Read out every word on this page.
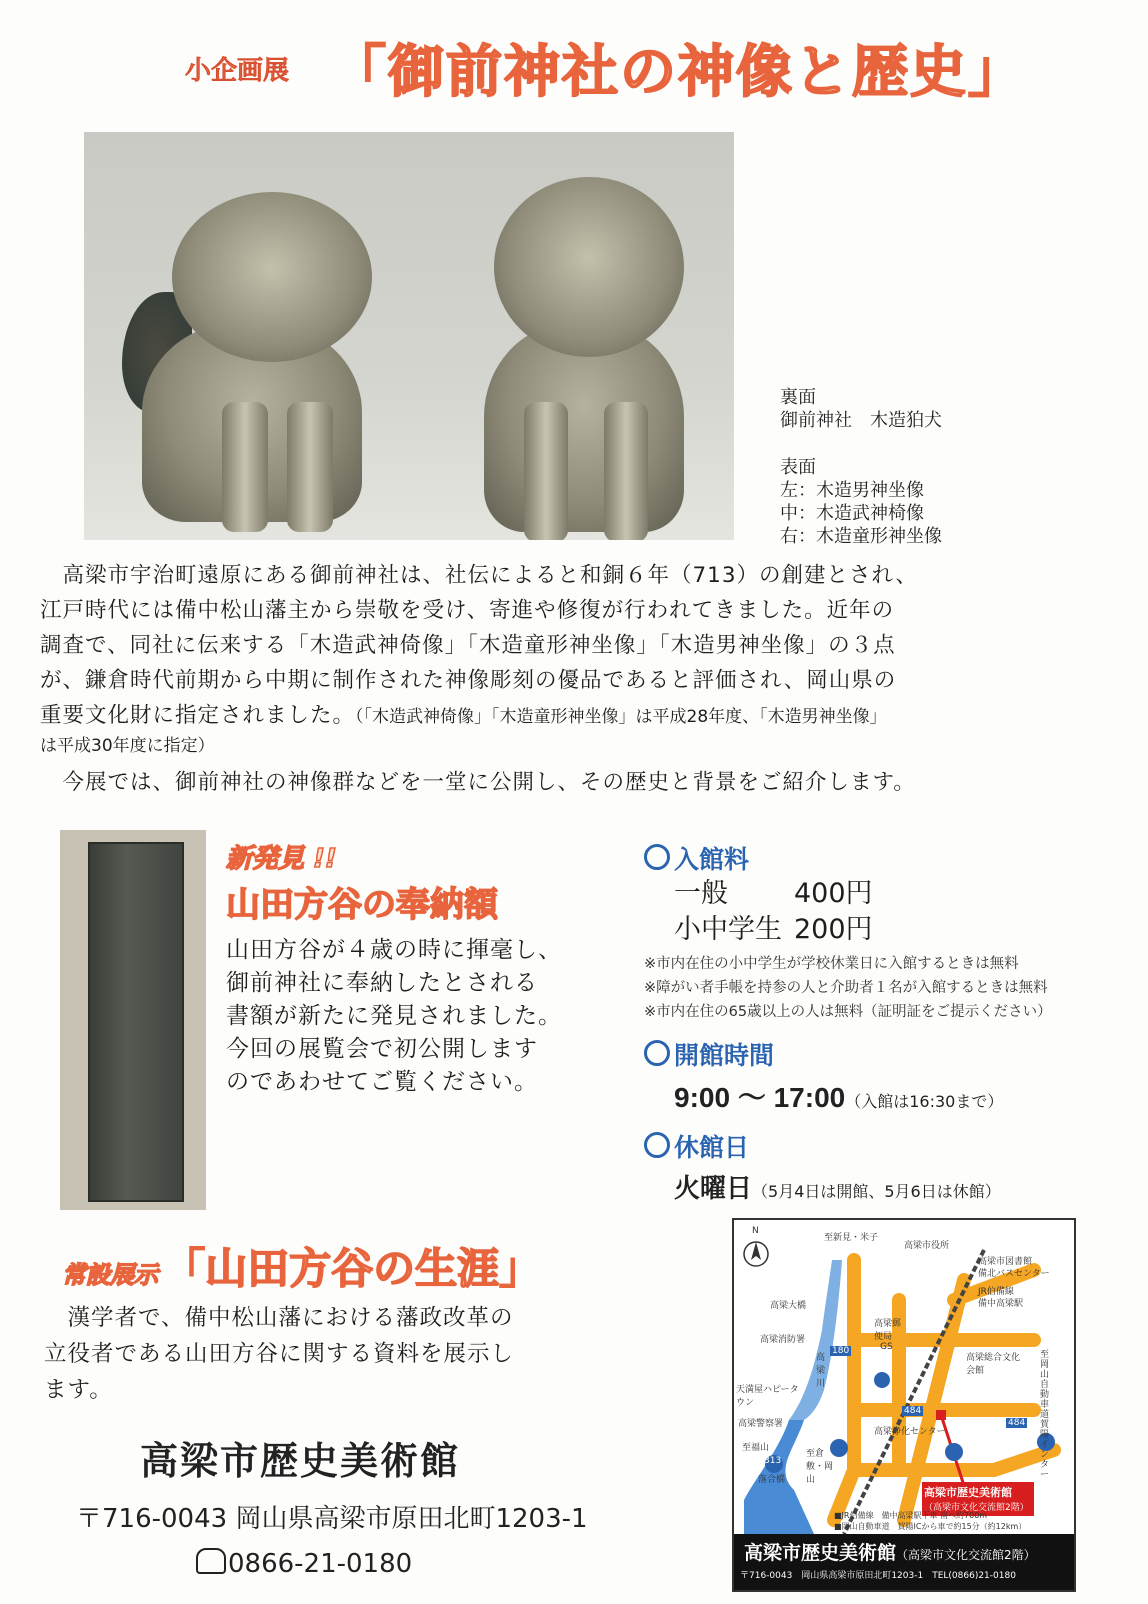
小企画展 「御前神社の神像と歴史」
裏面
御前神社　木造狛犬
表面
左：木造男神坐像
中：木造武神椅像
右：木造童形神坐像
　高梁市宇治町遠原にある御前神社は、社伝によると和銅６年（713）の創建とされ、
江戸時代には備中松山藩主から崇敬を受け、寄進や修復が行われてきました。近年の
調査で、同社に伝来する「木造武神倚像」「木造童形神坐像」「木造男神坐像」の３点
が、鎌倉時代前期から中期に制作された神像彫刻の優品であると評価され、岡山県の
重要文化財に指定されました。（「木造武神倚像」「木造童形神坐像」は平成28年度、「木造男神坐像」
は平成30年度に指定）
　今展では、御前神社の神像群などを一堂に公開し、その歴史と背景をご紹介します。
新発見 !!
山田方谷の奉納額
山田方谷が４歳の時に揮毫し、
御前神社に奉納したとされる
書額が新たに発見されました。
今回の展覧会で初公開します
のであわせてご覧ください。
入館料
一般 400円
小中学生 200円
※市内在住の小中学生が学校休業日に入館するときは無料
※障がい者手帳を持参の人と介助者１名が入館するときは無料
※市内在住の65歳以上の人は無料（証明証をご提示ください）
開館時間
9:00 〜 17:00（入館は16:30まで）
休館日
火曜日（5月4日は開館、5月6日は休館）
常設展示 「山田方谷の生涯」
　漢学者で、備中松山藩における藩政改革の
立役者である山田方谷に関する資料を展示し
ます。
高梁市歴史美術館
〒716-0043 岡山県高梁市原田北町1203-1
0866-21-0180
N
至新見・米子
高梁市役所
高梁市図書館
備北バスセンター
JR伯備線
備中高梁駅
高梁大橋
高梁郵便局
高梁消防署
GS
高梁川
180
高梁総合文化会館
至岡山自動車道賀陽インター
天満屋ハピータウン
484
484
高梁警察署
高梁浄化センター
至福山
313
落合橋
至倉敷・岡山
高梁市歴史美術館
（高梁市文化交流館2階）
■JR伯備線　備中高梁駅下車 南へ約700m
■岡山自動車道　賀陽ICから車で約15分（約12km）
高梁市歴史美術館（高梁市文化交流館2階）
〒716-0043　岡山県高梁市原田北町1203-1　TEL(0866)21-0180
